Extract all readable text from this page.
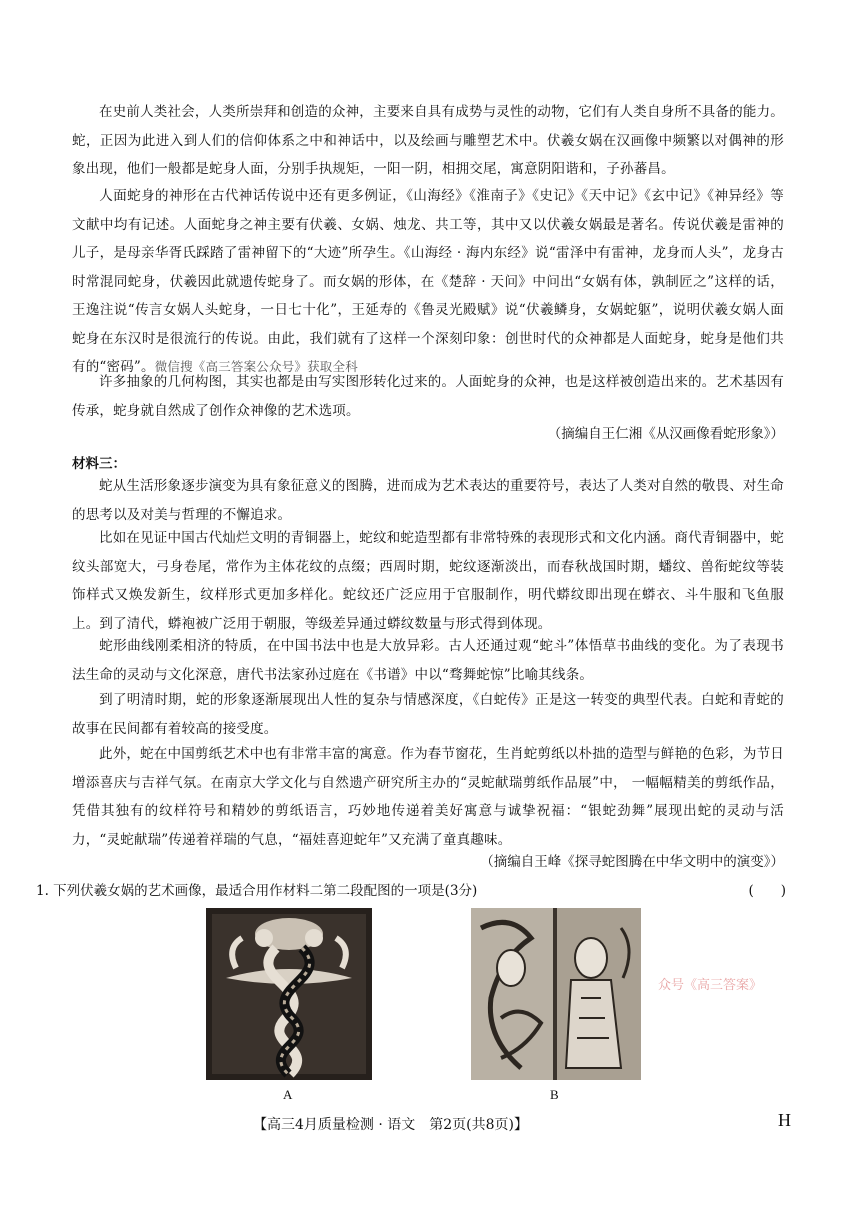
在史前人类社会，人类所崇拜和创造的众神，主要来自具有成势与灵性的动物，它们有人类自身所不具备的能力。蛇，正因为此进入到人们的信仰体系之中和神话中，以及绘画与雕塑艺术中。伏羲女娲在汉画像中频繁以对偶神的形象出现，他们一般都是蛇身人面，分别手执规矩，一阳一阴，相拥交尾，寓意阴阳谐和，子孙蕃昌。

人面蛇身的神形在古代神话传说中还有更多例证，《山海经》《淮南子》《史记》《天中记》《玄中记》《神异经》等文献中均有记述。人面蛇身之神主要有伏羲、女娲、烛龙、共工等，其中又以伏羲女娲最是著名。传说伏羲是雷神的儿子，是母亲华胥氏踩踏了雷神留下的“大迹”所孕生。《山海经 · 海内东经》说“雷泽中有雷神，龙身而人头”，龙身古时常混同蛇身，伏羲因此就遗传蛇身了。而女娲的形体，在《楚辞 · 天问》中问出“女娲有体，孰制匠之”这样的话，王逸注说“传言女娲人头蛇身，一日七十化”，王延寿的《鲁灵光殿赋》说“伏羲鳞身，女娲蛇躯”，说明伏羲女娲人面蛇身在东汉时是很流行的传说。由此，我们就有了这样一个深刻印象：创世时代的众神都是人面蛇身，蛇身是他们共有的“密码”。微信搜《高三答案公众号》获取全科

许多抽象的几何构图，其实也都是由写实图形转化过来的。人面蛇身的众神，也是这样被创造出来的。艺术基因有传承，蛇身就自然成了创作众神像的艺术选项。

（摘编自王仁湘《从汉画像看蛇形象》）

材料三：

蛇从生活形象逐步演变为具有象征意义的图腾，进而成为艺术表达的重要符号，表达了人类对自然的敬畏、对生命的思考以及对美与哲理的不懈追求。

比如在见证中国古代灿烂文明的青铜器上，蛇纹和蛇造型都有非常特殊的表现形式和文化内涵。商代青铜器中，蛇纹头部宽大，弓身卷尾，常作为主体花纹的点缀；西周时期，蛇纹逐渐淡出，而春秋战国时期，蟠纹、兽衔蛇纹等装饰样式又焕发新生，纹样形式更加多样化。蛇纹还广泛应用于官服制作，明代蟒纹即出现在蟒衣、斗牛服和飞鱼服上。到了清代，蟒袍被广泛用于朝服，等级差异通过蟒纹数量与形式得到体现。

蛇形曲线刚柔相济的特质，在中国书法中也是大放异彩。古人还通过观“蛇斗”体悟草书曲线的变化。为了表现书法生命的灵动与文化深意，唐代书法家孙过庭在《书谱》中以“骛舞蛇惊”比喻其线条。

到了明清时期，蛇的形象逐渐展现出人性的复杂与情感深度，《白蛇传》正是这一转变的典型代表。白蛇和青蛇的故事在民间都有着较高的接受度。

此外，蛇在中国剪纸艺术中也有非常丰富的寓意。作为春节窗花，生肖蛇剪纸以朴拙的造型与鲜艳的色彩，为节日增添喜庆与吉祥气氛。在南京大学文化与自然遗产研究所主办的“灵蛇献瑞剪纸作品展”中， 一幅幅精美的剪纸作品，凭借其独有的纹样符号和精妙的剪纸语言，巧妙地传递着美好寓意与诚挚祝福：“银蛇劲舞”展现出蛇的灵动与活力，“灵蛇献瑞”传递着祥瑞的气息，“福娃喜迎蛇年”又充满了童真趣味。

（摘编自王峰《探寻蛇图腾在中华文明中的演变》）

1. 下列伏羲女娲的艺术画像，最适合用作材料二第二段配图的一项是(3分)	(　　)
A	B
众号《高三答案》

【高三4月质量检测 · 语文　第2页(共8页)】	H
